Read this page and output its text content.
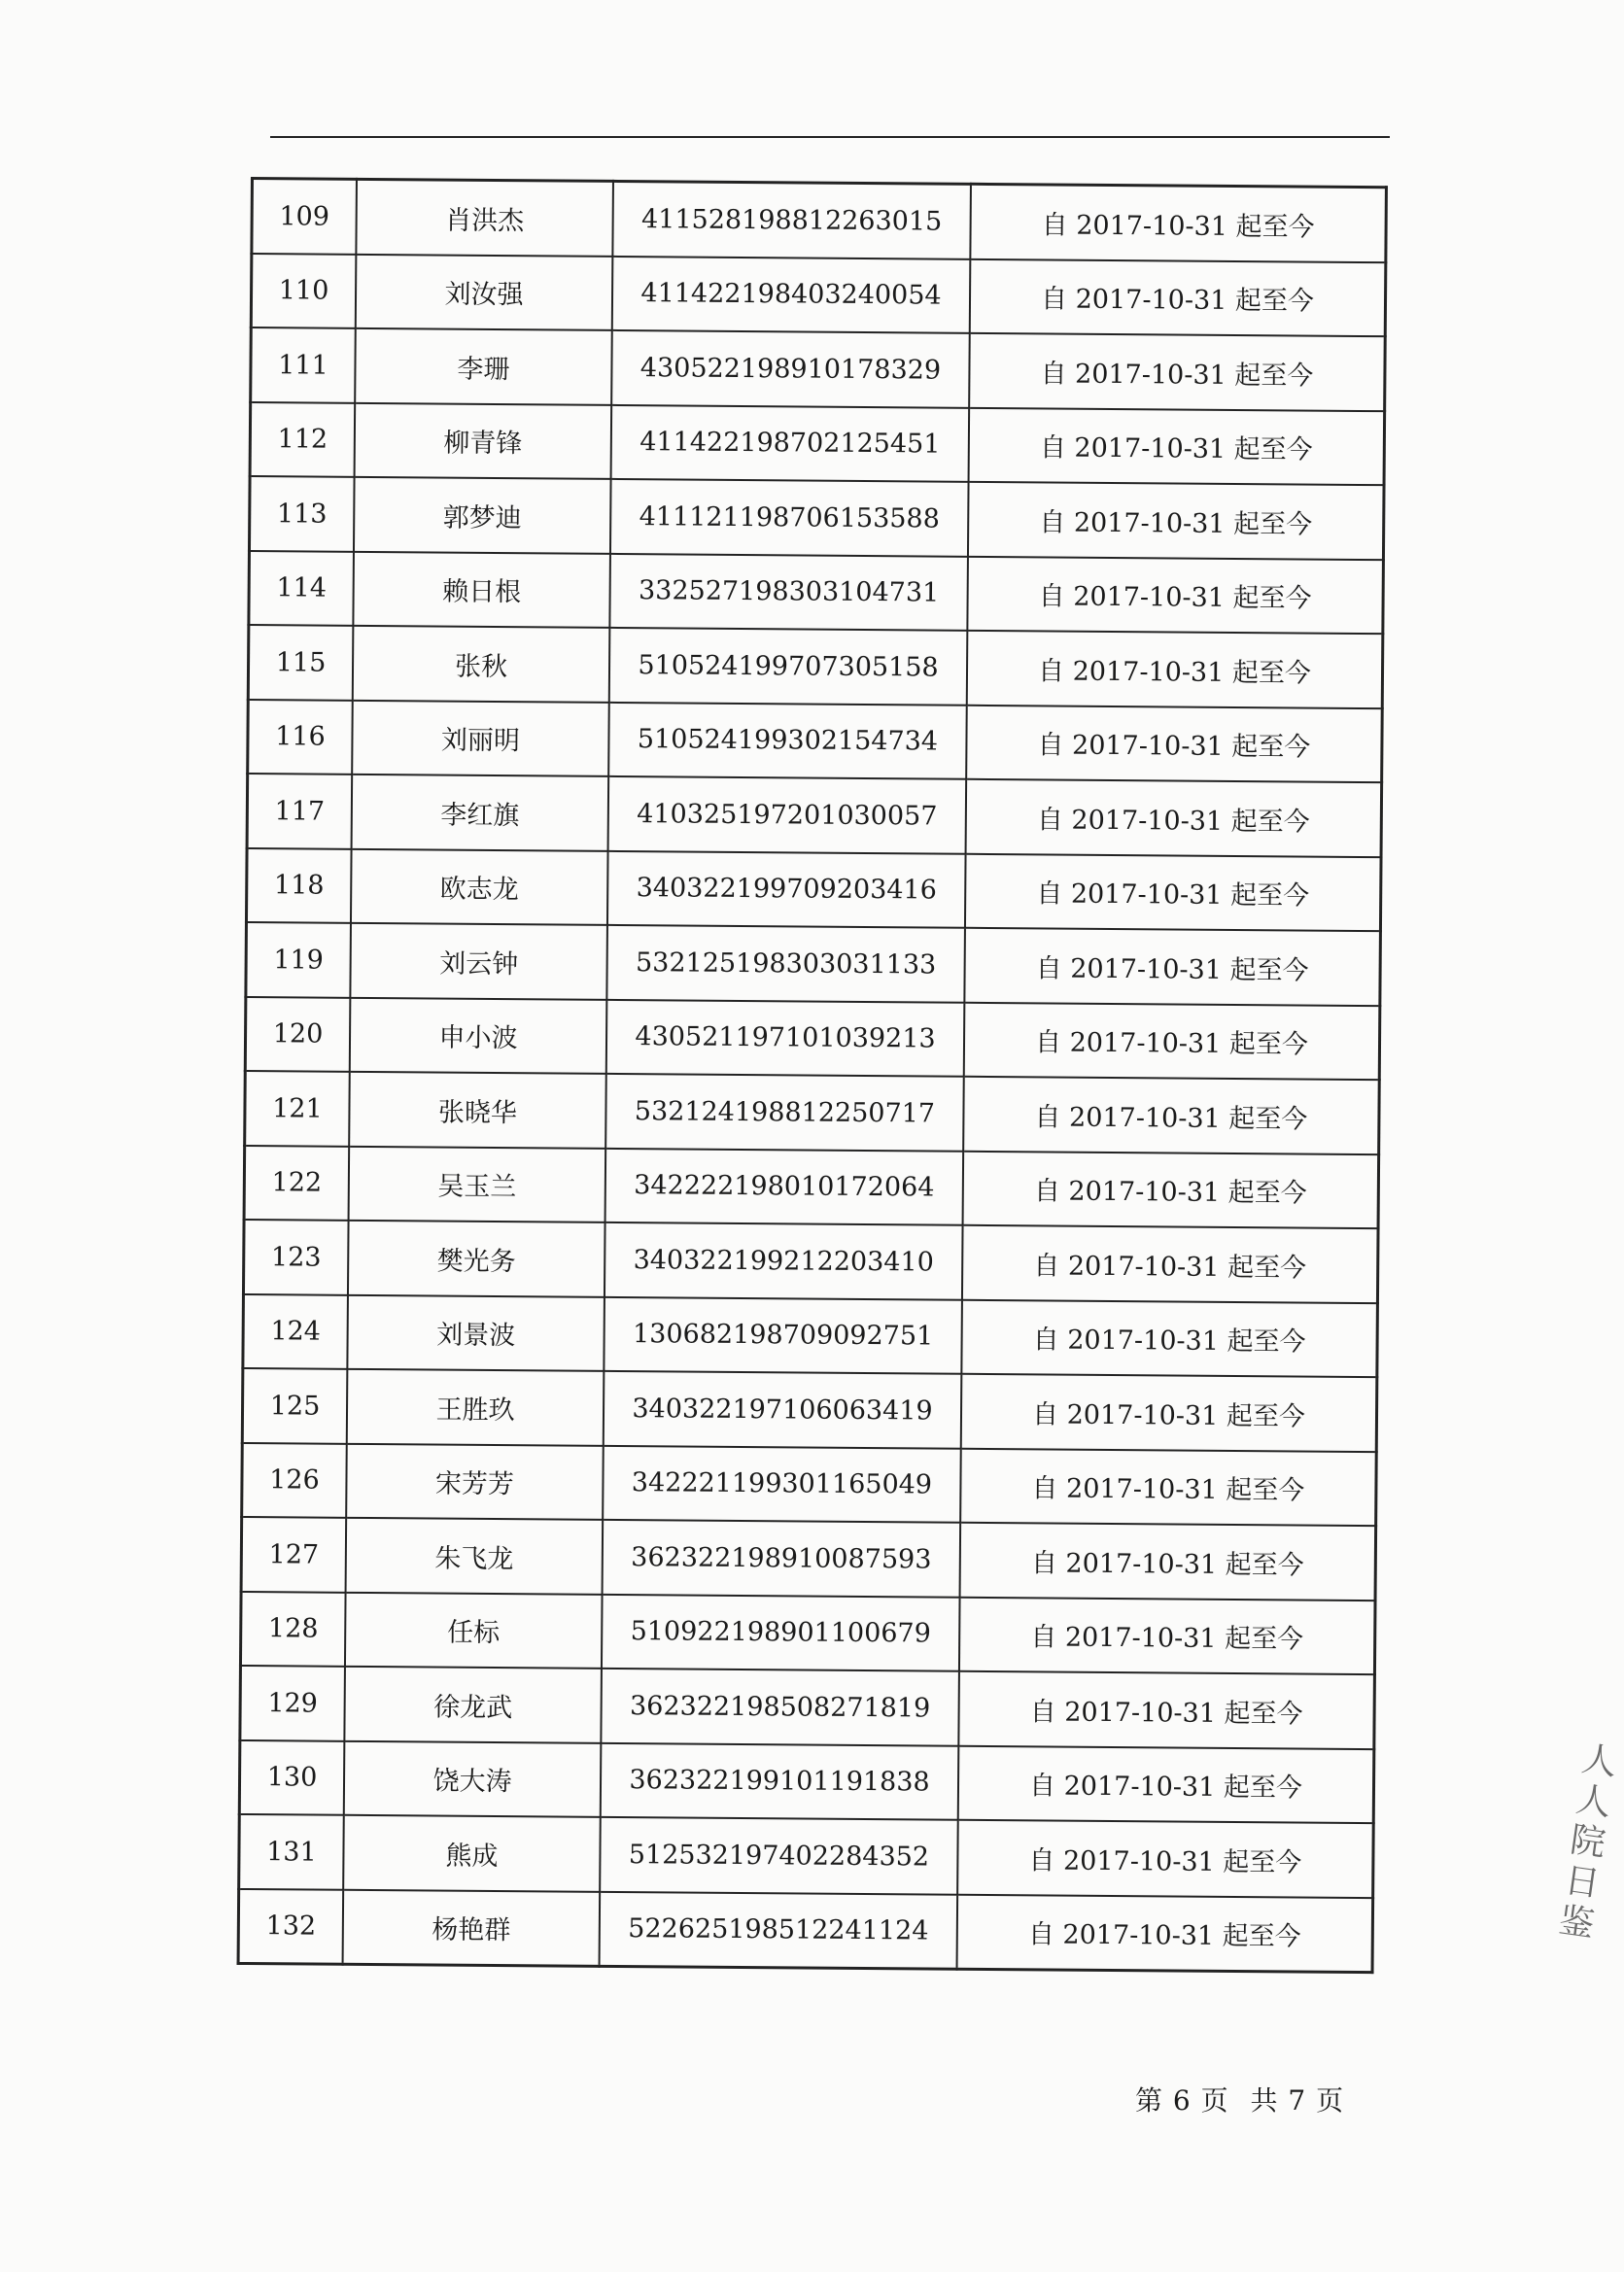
109	肖洪杰	411528198812263015	自 2017-10-31 起至今
110	刘汝强	411422198403240054	自 2017-10-31 起至今
111	李珊	430522198910178329	自 2017-10-31 起至今
112	柳青锋	411422198702125451	自 2017-10-31 起至今
113	郭梦迪	411121198706153588	自 2017-10-31 起至今
114	赖日根	332527198303104731	自 2017-10-31 起至今
115	张秋	510524199707305158	自 2017-10-31 起至今
116	刘丽明	510524199302154734	自 2017-10-31 起至今
117	李红旗	410325197201030057	自 2017-10-31 起至今
118	欧志龙	340322199709203416	自 2017-10-31 起至今
119	刘云钟	532125198303031133	自 2017-10-31 起至今
120	申小波	430521197101039213	自 2017-10-31 起至今
121	张晓华	532124198812250717	自 2017-10-31 起至今
122	吴玉兰	342222198010172064	自 2017-10-31 起至今
123	樊光务	340322199212203410	自 2017-10-31 起至今
124	刘景波	130682198709092751	自 2017-10-31 起至今
125	王胜玖	340322197106063419	自 2017-10-31 起至今
126	宋芳芳	342221199301165049	自 2017-10-31 起至今
127	朱飞龙	362322198910087593	自 2017-10-31 起至今
128	任标	510922198901100679	自 2017-10-31 起至今
129	徐龙武	362322198508271819	自 2017-10-31 起至今
130	饶大涛	362322199101191838	自 2017-10-31 起至今
131	熊成	512532197402284352	自 2017-10-31 起至今
132	杨艳群	522625198512241124	自 2017-10-31 起至今
第 6 页 共 7 页
人人院日鉴
